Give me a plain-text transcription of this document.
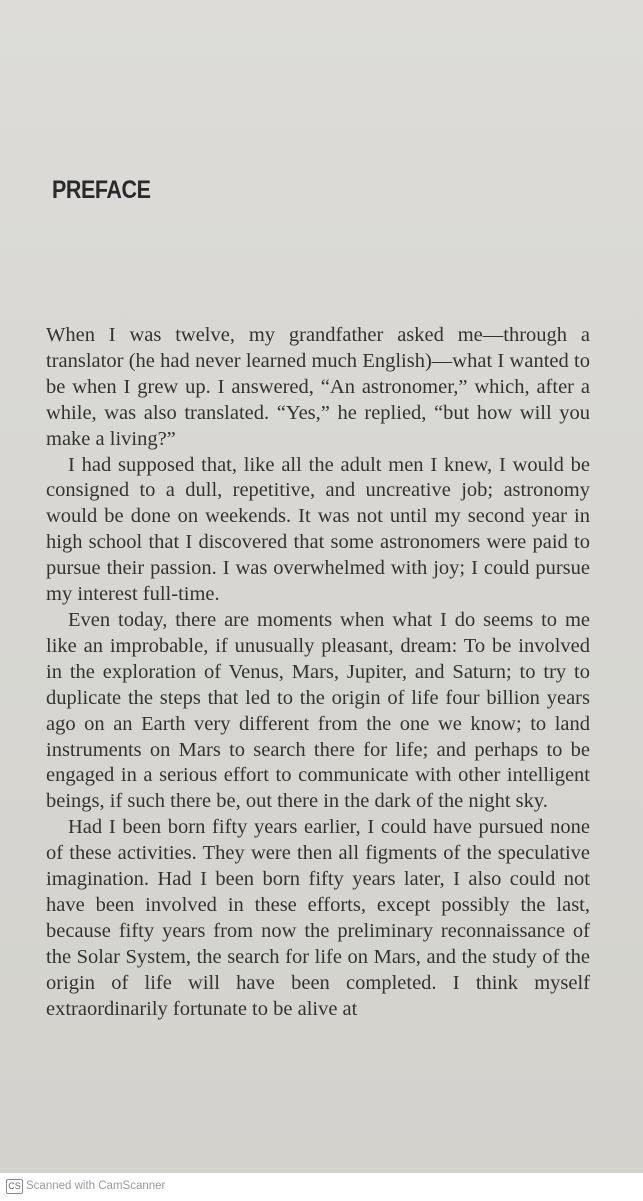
PREFACE

When I was twelve, my grandfather asked me—through a translator (he had never learned much English)—what I wanted to be when I grew up. I answered, “An astronomer,” which, after a while, was also translated. “Yes,” he replied, “but how will you make a living?”

I had supposed that, like all the adult men I knew, I would be consigned to a dull, repetitive, and uncreative job; astronomy would be done on weekends. It was not until my second year in high school that I discovered that some astronomers were paid to pursue their passion. I was overwhelmed with joy; I could pursue my interest full-time.

Even today, there are moments when what I do seems to me like an improbable, if unusually pleasant, dream: To be involved in the exploration of Venus, Mars, Jupiter, and Saturn; to try to duplicate the steps that led to the origin of life four billion years ago on an Earth very different from the one we know; to land instruments on Mars to search there for life; and perhaps to be engaged in a serious effort to communicate with other intelligent beings, if such there be, out there in the dark of the night sky.

Had I been born fifty years earlier, I could have pursued none of these activities. They were then all figments of the speculative imagination. Had I been born fifty years later, I also could not have been involved in these efforts, except possibly the last, because fifty years from now the preliminary reconnaissance of the Solar System, the search for life on Mars, and the study of the origin of life will have been completed. I think myself extraordinarily fortunate to be alive at

CS Scanned with CamScanner
